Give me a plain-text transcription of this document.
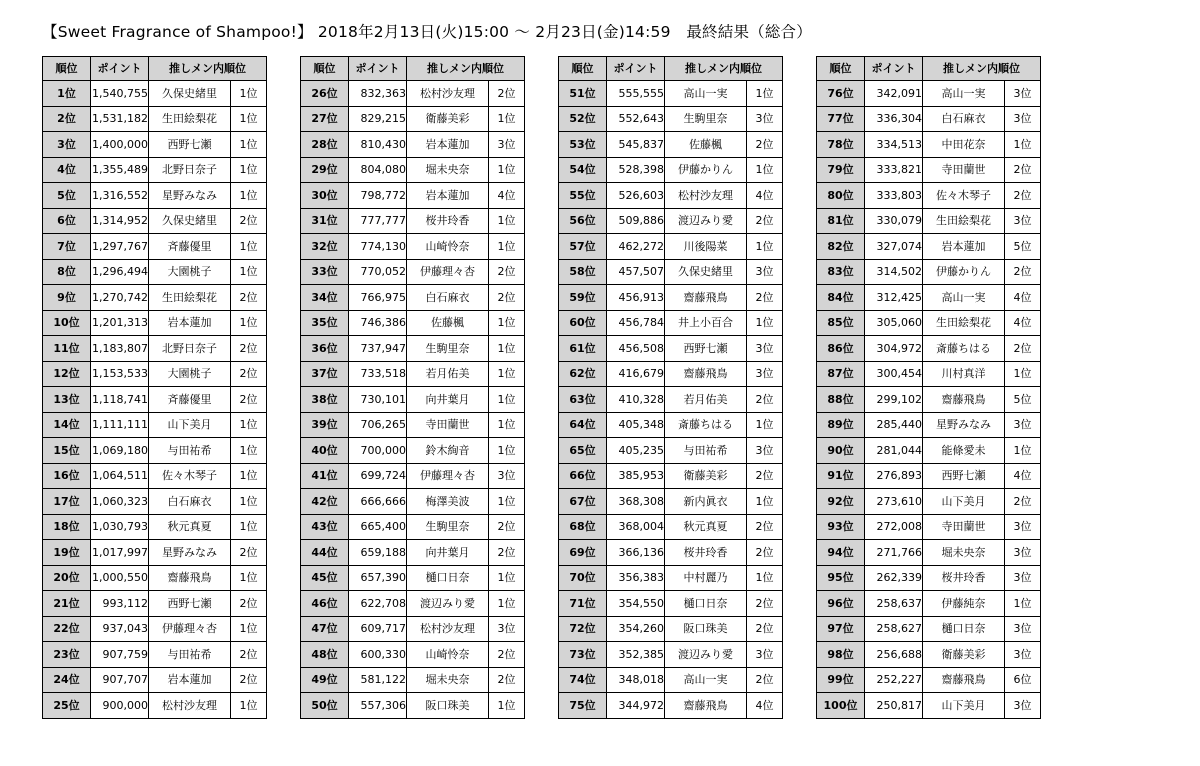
【Sweet Fragrance of Shampoo!】 2018年2月13日(火)15:00 ～ 2月23日(金)14:59　最終結果（総合）
順位	ポイント	推しメン内順位	
1位	1,540,755	久保史緒里	1位
2位	1,531,182	生田絵梨花	1位
3位	1,400,000	西野七瀬	1位
4位	1,355,489	北野日奈子	1位
5位	1,316,552	星野みなみ	1位
6位	1,314,952	久保史緒里	2位
7位	1,297,767	斉藤優里	1位
8位	1,296,494	大園桃子	1位
9位	1,270,742	生田絵梨花	2位
10位	1,201,313	岩本蓮加	1位
11位	1,183,807	北野日奈子	2位
12位	1,153,533	大園桃子	2位
13位	1,118,741	斉藤優里	2位
14位	1,111,111	山下美月	1位
15位	1,069,180	与田祐希	1位
16位	1,064,511	佐々木琴子	1位
17位	1,060,323	白石麻衣	1位
18位	1,030,793	秋元真夏	1位
19位	1,017,997	星野みなみ	2位
20位	1,000,550	齋藤飛鳥	1位
21位	993,112	西野七瀬	2位
22位	937,043	伊藤理々杏	1位
23位	907,759	与田祐希	2位
24位	907,707	岩本蓮加	2位
25位	900,000	松村沙友理	1位
順位	ポイント	推しメン内順位	
26位	832,363	松村沙友理	2位
27位	829,215	衛藤美彩	1位
28位	810,430	岩本蓮加	3位
29位	804,080	堀未央奈	1位
30位	798,772	岩本蓮加	4位
31位	777,777	桜井玲香	1位
32位	774,130	山崎怜奈	1位
33位	770,052	伊藤理々杏	2位
34位	766,975	白石麻衣	2位
35位	746,386	佐藤楓	1位
36位	737,947	生駒里奈	1位
37位	733,518	若月佑美	1位
38位	730,101	向井葉月	1位
39位	706,265	寺田蘭世	1位
40位	700,000	鈴木絢音	1位
41位	699,724	伊藤理々杏	3位
42位	666,666	梅澤美波	1位
43位	665,400	生駒里奈	2位
44位	659,188	向井葉月	2位
45位	657,390	樋口日奈	1位
46位	622,708	渡辺みり愛	1位
47位	609,717	松村沙友理	3位
48位	600,330	山崎怜奈	2位
49位	581,122	堀未央奈	2位
50位	557,306	阪口珠美	1位
順位	ポイント	推しメン内順位	
51位	555,555	高山一実	1位
52位	552,643	生駒里奈	3位
53位	545,837	佐藤楓	2位
54位	528,398	伊藤かりん	1位
55位	526,603	松村沙友理	4位
56位	509,886	渡辺みり愛	2位
57位	462,272	川後陽菜	1位
58位	457,507	久保史緒里	3位
59位	456,913	齋藤飛鳥	2位
60位	456,784	井上小百合	1位
61位	456,508	西野七瀬	3位
62位	416,679	齋藤飛鳥	3位
63位	410,328	若月佑美	2位
64位	405,348	斎藤ちはる	1位
65位	405,235	与田祐希	3位
66位	385,953	衛藤美彩	2位
67位	368,308	新内眞衣	1位
68位	368,004	秋元真夏	2位
69位	366,136	桜井玲香	2位
70位	356,383	中村麗乃	1位
71位	354,550	樋口日奈	2位
72位	354,260	阪口珠美	2位
73位	352,385	渡辺みり愛	3位
74位	348,018	高山一実	2位
75位	344,972	齋藤飛鳥	4位
順位	ポイント	推しメン内順位	
76位	342,091	高山一実	3位
77位	336,304	白石麻衣	3位
78位	334,513	中田花奈	1位
79位	333,821	寺田蘭世	2位
80位	333,803	佐々木琴子	2位
81位	330,079	生田絵梨花	3位
82位	327,074	岩本蓮加	5位
83位	314,502	伊藤かりん	2位
84位	312,425	高山一実	4位
85位	305,060	生田絵梨花	4位
86位	304,972	斎藤ちはる	2位
87位	300,454	川村真洋	1位
88位	299,102	齋藤飛鳥	5位
89位	285,440	星野みなみ	3位
90位	281,044	能條愛未	1位
91位	276,893	西野七瀬	4位
92位	273,610	山下美月	2位
93位	272,008	寺田蘭世	3位
94位	271,766	堀未央奈	3位
95位	262,339	桜井玲香	3位
96位	258,637	伊藤純奈	1位
97位	258,627	樋口日奈	3位
98位	256,688	衛藤美彩	3位
99位	252,227	齋藤飛鳥	6位
100位	250,817	山下美月	3位
